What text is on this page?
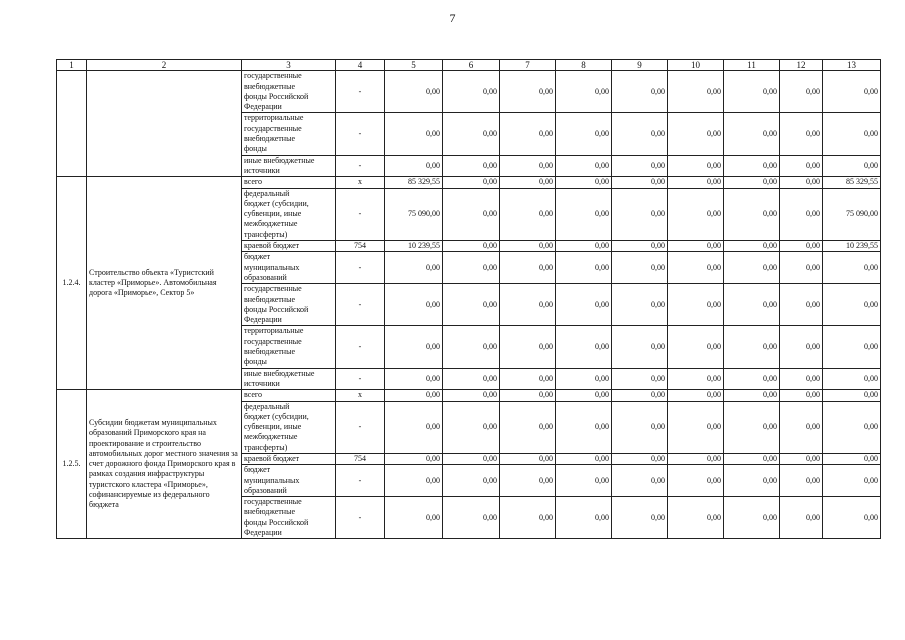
7
1	2	3	4	5	6	7	8	9	10	11	12	13

		государственные
внебюджетные
фонды Российской
Федерации	-	0,00	0,00	0,00	0,00	0,00	0,00	0,00	0,00	0,00

		территориальные
государственные
внебюджетные
фонды	-	0,00	0,00	0,00	0,00	0,00	0,00	0,00	0,00	0,00

		иные внебюджетные
источники	-	0,00	0,00	0,00	0,00	0,00	0,00	0,00	0,00	0,00
1.2.4.	Строительство объекта «Туристский кластер «Приморье». Автомобильная дорога «Приморье», Сектор 5»	всего	x	85 329,55	0,00	0,00	0,00	0,00	0,00	0,00	0,00	85 329,55

		федеральный
бюджет (субсидии,
субвенции, иные
межбюджетные
трансферты)	-	75 090,00	0,00	0,00	0,00	0,00	0,00	0,00	0,00	75 090,00

		краевой бюджет	754	10 239,55	0,00	0,00	0,00	0,00	0,00	0,00	0,00	10 239,55

		бюджет
муниципальных
образований	-	0,00	0,00	0,00	0,00	0,00	0,00	0,00	0,00	0,00

		государственные
внебюджетные
фонды Российской
Федерации	-	0,00	0,00	0,00	0,00	0,00	0,00	0,00	0,00	0,00

		территориальные
государственные
внебюджетные
фонды	-	0,00	0,00	0,00	0,00	0,00	0,00	0,00	0,00	0,00

		иные внебюджетные
источники	-	0,00	0,00	0,00	0,00	0,00	0,00	0,00	0,00	0,00
1.2.5.	Субсидии бюджетам муниципальных образований Приморского края на проектирование и строительство автомобильных дорог местного значения за счет дорожного фонда Приморского края в рамках создания инфраструктуры туристского кластера «Приморье», софинансируемые из федерального бюджета	всего	x	0,00	0,00	0,00	0,00	0,00	0,00	0,00	0,00	0,00

		федеральный
бюджет (субсидии,
субвенции, иные
межбюджетные
трансферты)	-	0,00	0,00	0,00	0,00	0,00	0,00	0,00	0,00	0,00

		краевой бюджет	754	0,00	0,00	0,00	0,00	0,00	0,00	0,00	0,00	0,00

		бюджет
муниципальных
образований	-	0,00	0,00	0,00	0,00	0,00	0,00	0,00	0,00	0,00

		государственные
внебюджетные
фонды Российской
Федерации	-	0,00	0,00	0,00	0,00	0,00	0,00	0,00	0,00	0,00
